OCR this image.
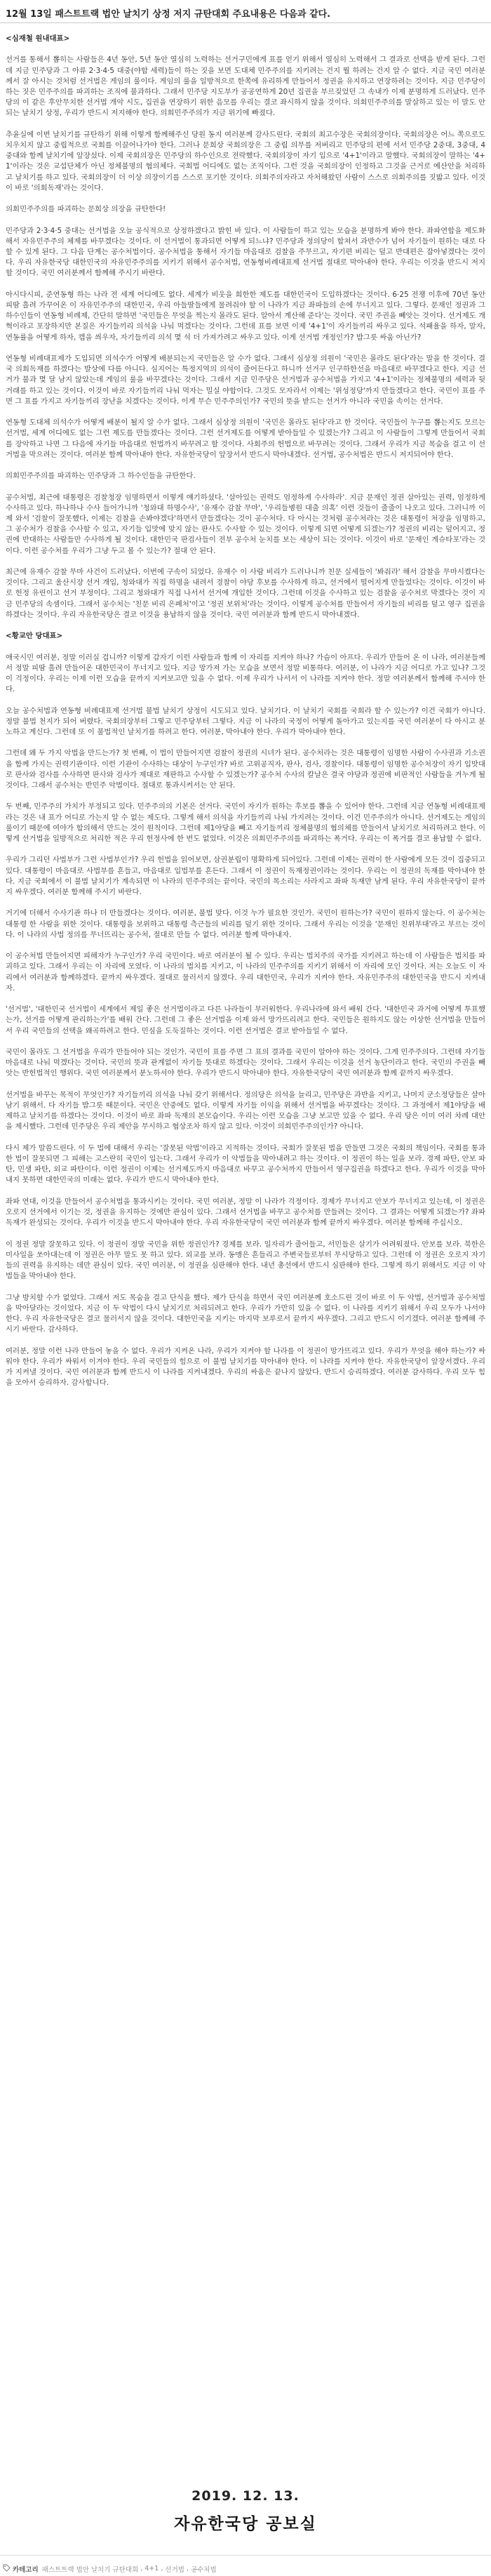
12월 13일 패스트트랙 법안 날치기 상정 저지 규탄대회 주요내용은 다음과 같다.
<심재철 원내대표>

선거를 통해서 뽑히는 사람들은 4년 동안, 5년 동안 열심히 노력하는 선거구민에게 표를 얻기 위해서 열심히 노력해서 그 결과로 선택을 받게 된다. 그런데 지금 민주당과 그 아류 2·3·4·5 대중(야합 세력)들이 하는 짓을 보면 도대체 민주주의를 지키려는 건지 뭘 하려는 건지 알 수 없다. 지금 국민 여러분께서 잘 아시는 것처럼 선거법은 게임의 룰이다. 게임의 룰을 일방적으로 한쪽에 유리하게 만들어서 정권을 유지하고 연장하려는 것이다. 지금 민주당이 하는 짓은 민주주의를 파괴하는 조직에 불과하다. 그래서 민주당 지도부가 공공연하게 20년 집권을 부르짖었던 그 속내가 이제 분명하게 드러났다. 민주당의 이 같은 후안무치한 선거법 개악 시도, 집권을 연장하기 위한 음모를 우리는 결코 좌시하지 않을 것이다. 의회민주주의를 말살하고 있는 이 말도 안 되는 날치기 상정, 우리가 반드시 저지해야 한다. 의회민주주의가 지금 위기에 빠졌다.

추윤실에 이번 날치기를 규탄하기 위해 이렇게 함께해주신 당원 동지 여러분께 감사드린다. 국회의 최고수장은 국회의장이다. 국회의장은 어느 쪽으로도 치우치지 않고 중립적으로 국회를 이끌어나가야 한다. 그러나 문희상 국회의장은 그 중립 의무를 저버리고 민주당의 편에 서서 민주당 2중대, 3중대, 4중대와 함께 날치기에 앞장섰다. 이제 국회의장은 민주당의 하수인으로 전락했다. 국회의장이 자기 입으로 '4+1'이라고 말했다. 국회의장이 말하는 '4+1'이라는 것은 교섭단체가 아닌 정체불명의 협의체다. 국회법 어디에도 없는 조직이다. 그런 것을 국회의장이 인정하고 그것을 근거로 예산안을 처리하고 날치기를 하고 있다. 국회의장이 더 이상 의장이기를 스스로 포기한 것이다. 의회주의자라고 자처해왔던 사람이 스스로 의회주의를 짓밟고 있다. 이것이 바로 '의회독재'라는 것이다.

의회민주주의를 파괴하는 문희상 의장을 규탄한다!

민주당과 2·3·4·5 중대는 선거법을 오늘 공식적으로 상정하겠다고 밝힌 바 있다. 이 사람들이 하고 있는 모습을 분명하게 봐야 한다. 좌파연합을 제도화해서 자유민주주의 체제를 바꾸겠다는 것이다. 이 선거법이 통과되면 어떻게 되느냐? 민주당과 정의당이 합쳐서 과반수가 넘어 자기들이 원하는 대로 다 할 수 있게 된다. 그 다음 단계는 공수처법이다. 공수처법을 통해서 자기들 마음대로 검찰을 주무르고, 자기편 비리는 덮고 반대편은 잡아넣겠다는 것이다. 우리 자유한국당 대한민국의 자유민주주의를 지키기 위해서 공수처법, 연동형비례대표제 선거법 절대로 막아내야 한다. 우리는 이것을 반드시 저지할 것이다. 국민 여러분께서 함께해 주시기 바란다.

아시다시피, 준연동형 하는 나라 전 세계 어디에도 없다. 세계가 비웃을 희한한 제도를 대한민국이 도입하겠다는 것이다. 6·25 전쟁 이후에 70년 동안 피땀 흘려 가꾸어온 이 자유민주주의 대한민국, 우리 아들딸들에게 물려줘야 할 이 나라가 지금 좌파들의 손에 무너지고 있다. 그렇다. 문재인 정권과 그 하수인들이 연동형 비례제, 간단히 말하면 '국민들은 무엇을 찍는지 몰라도 된다. 알아서 계산해 준다'는 것이다. 국민 주권을 빼앗는 것이다. 선거제도 개혁이라고 포장하지만 본질은 자기들끼리 의석을 나눠 먹겠다는 것이다. 그런데 표를 보면 이제 '4+1'이 자기들끼리 싸우고 있다. 석패율을 하자, 말자, 연동률을 어떻게 하자, 캡을 씌우자, 자기들끼리 의석 몇 석 더 가져가려고 싸우고 있다. 이게 선거법 개정인가? 밥그릇 싸움 아닌가?

연동형 비례대표제가 도입되면 의석수가 어떻게 배분되는지 국민들은 알 수가 없다. 그래서 심상정 의원이 '국민은 몰라도 된다'라는 말을 한 것이다. 결국 의회독재를 하겠다는 발상에 다름 아니다. 심지어는 특정지역의 의석이 줄어든다고 하니까 선거구 인구하한선을 마음대로 바꾸겠다고 한다. 지금 선거가 불과 몇 달 남지 않았는데 게임의 룰을 바꾸겠다는 것이다. 그래서 지금 민주당은 선거법과 공수처법을 가지고 '4+1'이라는 정체불명의 세력과 뒷거래를 하고 있는 것이다. 이것이 바로 자기들끼리 나눠 먹자는 밀실 야합이다. 그것도 모자라서 이제는 '위성정당'까지 만들겠다고 한다. 국민이 표를 주면 그 표를 가지고 자기들끼리 장난을 치겠다는 것이다. 이게 무슨 민주주의인가? 국민의 뜻을 받드는 선거가 아니라 국민을 속이는 선거다.

연동형 도대체 의석수가 어떻게 배분이 될지 알 수가 없다. 그래서 심상정 의원이 '국민은 몰라도 된다'라고 한 것이다. 국민들이 누구를 뽑는지도 모르는 선거법, 세계 어디에도 없는 그런 제도를 만들겠다는 것이다. 그런 선거제도를 어떻게 받아들일 수 있겠는가? 그리고 이 사람들이 그렇게 만들어서 국회를 장악하고 나면 그 다음에 자기들 마음대로 헌법까지 바꾸려고 할 것이다. 사회주의 헌법으로 바꾸려는 것이다. 그래서 우리가 지금 목숨을 걸고 이 선거법을 막으려는 것이다. 여러분 함께 막아내야 한다. 자유한국당이 앞장서서 반드시 막아내겠다. 선거법, 공수처법은 반드시 저지되어야 한다.

의회민주주의를 파괴하는 민주당과 그 하수인들을 규탄한다.

공수처법, 최근에 대통령은 검찰청장 임명하면서 이렇게 얘기하셨다. '살아있는 권력도 엄정하게 수사하라'. 지금 문재인 정권 살아있는 권력, 엄정하게 수사하고 있다. 하나하나 수사 들어가니까 '청와대 하명수사', '유재수 감찰 무마', '우리들병원 대출 의혹' 이런 것들이 줄줄이 나오고 있다. 그러니까 이제 와서 '검찰이 잘못했다, 이제는 검찰을 손봐야겠다'하면서 만들겠다는 것이 공수처다. 다 아시는 것처럼 공수처라는 것은 대통령이 처장을 임명하고, 그 공수처가 검찰을 수사할 수 있고, 자기들 입맛에 맞지 않는 판사도 수사할 수 있는 것이다. 이렇게 되면 어떻게 되겠는가? 정권의 비리는 덮어지고, 정권에 반대하는 사람들만 수사하게 될 것이다. 대한민국 판검사들이 전부 공수처 눈치를 보는 세상이 되는 것이다. 이것이 바로 '문재인 게슈타포'라는 것이다. 이런 공수처를 우리가 그냥 두고 볼 수 있는가? 절대 안 된다.

최근에 유재수 감찰 무마 사건이 드러났다. 이번에 구속이 되었다. 유재수 이 사람 비리가 드러나니까 친문 실세들이 '봐줘라' 해서 감찰을 무마시켰다는 것이다. 그리고 울산시장 선거 개입, 청와대가 직접 하명을 내려서 경찰이 야당 후보를 수사하게 하고, 선거에서 떨어지게 만들었다는 것이다. 이것이 바로 헌정 유린이고 선거 부정이다. 그리고 청와대가 직접 나서서 선거에 개입한 것이다. 그런데 이것을 수사하고 있는 검찰을 공수처로 막겠다는 것이 지금 민주당의 속셈이다. 그래서 공수처는 '친문 비리 은폐처'이고 '정권 보위처'라는 것이다. 이렇게 공수처를 만들어서 자기들의 비리를 덮고 영구 집권을 하겠다는 것이다. 우리 자유한국당은 결코 이것을 용납하지 않을 것이다. 국민 여러분과 함께 반드시 막아내겠다.

<황교안 당대표>

애국시민 여러분, 정말 이러실 겁니까? 이렇게 갑자기 이런 사람들과 함께 이 자리를 지켜야 하나? 가슴이 아프다. 우리가 만들어 온 이 나라, 여러분들께서 정말 피땀 흘려 만들어온 대한민국이 무너지고 있다. 지금 망가져 가는 모습을 보면서 정말 비통하다. 여러분, 이 나라가 지금 어디로 가고 있나? 그것이 걱정이다. 우리는 이제 이런 모습을 끝까지 지켜보고만 있을 수 없다. 이제 우리가 나서서 이 나라를 지켜야 한다. 정말 여러분께서 함께해 주셔야 한다.

오늘 공수처법과 연동형 비례대표제 선거법 불법 날치기 상정이 시도되고 있다. 날치기다. 이 날치기 국회를 국회라 할 수 있는가? 이건 국회가 아니다. 정말 불법 천지가 되어 버렸다. 국회의장부터 그렇고 민주당부터 그렇다. 지금 이 나라의 국정이 어떻게 돌아가고 있는지를 국민 여러분이 다 아시고 분노하고 계신다. 그런데 또 이 불법적인 날치기를 하려고 한다. 여러분, 막아내야 한다. 우리가 막아내야 한다.

그런데 왜 두 가지 악법을 만드는가? 첫 번째, 이 법이 만들어지면 검찰이 정권의 시녀가 된다. 공수처라는 것은 대통령이 임명한 사람이 수사권과 기소권을 함께 가지는 권력기관이다. 이런 기관이 수사하는 대상이 누구인가? 바로 고위공직자, 판사, 검사, 경찰이다. 대통령이 임명한 공수처장이 자기 입맛대로 판사와 검사를 수사하면 판사와 검사가 제대로 재판하고 수사할 수 있겠는가? 공수처 수사의 칼날은 결국 야당과 정권에 비판적인 사람들을 겨누게 될 것이다. 그래서 공수처는 반민주 악법이다. 절대로 통과시켜서는 안 된다.

두 번째, 민주주의 가치가 부정되고 있다. 민주주의의 기본은 선거다. 국민이 자기가 원하는 후보를 뽑을 수 있어야 한다. 그런데 지금 연동형 비례대표제라는 것은 내 표가 어디로 가는지 알 수 없는 제도다. 그렇게 해서 의석을 자기들끼리 나눠 가지려는 것이다. 이건 민주주의가 아니다. 선거제도는 게임의 룰이기 때문에 여야가 합의해서 만드는 것이 원칙이다. 그런데 제1야당을 빼고 자기들끼리 정체불명의 협의체를 만들어서 날치기로 처리하려고 한다. 이렇게 선거법을 일방적으로 처리한 적은 우리 헌정사에 한 번도 없었다. 이것은 의회민주주의를 파괴하는 폭거다. 우리는 이 폭거를 결코 용납할 수 없다.

우리가 그리던 사법부가 그런 사법부인가? 우리 헌법을 읽어보면, 삼권분립이 명확하게 되어있다. 그런데 이제는 권력이 한 사람에게 모든 것이 집중되고 있다. 대통령이 마음대로 사법부를 흔들고, 마음대로 입법부를 흔든다. 그래서 이 정권이 독재정권이라는 것이다. 우리는 이 정권의 독재를 막아내야 한다. 지금 국회에서 이 불법 날치기가 계속되면 이 나라의 민주주의는 끝이다. 국민의 목소리는 사라지고 좌파 독재만 남게 된다. 우리 자유한국당이 끝까지 싸우겠다. 여러분 함께해 주시기 바란다.

거기에 더해서 수사기관 하나 더 만들겠다는 것이다. 여러분, 불법 맞다. 이것 누가 필요한 것인가. 국민이 원하는가? 국민이 원하지 않는다. 이 공수처는 대통령 한 사람을 위한 것이다. 대통령을 보위하고 대통령 측근들의 비리를 덮기 위한 것이다. 그래서 우리는 이것을 '문재인 친위부대'라고 부르는 것이다. 이 나라의 사법 정의를 무너뜨리는 공수처, 절대로 만들 수 없다. 여러분 함께 막아내자.

이 공수처법 만들어지면 피해자가 누구인가? 우리 국민이다. 바로 여러분이 될 수 있다. 우리는 법치주의 국가를 지키려고 하는데 이 사람들은 법치를 파괴하고 있다. 그래서 우리는 이 자리에 모였다. 이 나라의 법치를 지키고, 이 나라의 민주주의를 지키기 위해서 이 자리에 모인 것이다. 저는 오늘도 이 자리에서 여러분과 함께하겠다. 끝까지 싸우겠다. 절대로 물러서지 않겠다. 우리 대한민국, 우리가 지켜야 한다. 자유민주주의 대한민국을 반드시 지켜내자.

'선거법', '대한민국 선거법이 세계에서 제일 좋은 선거법이라고 다른 나라들이 부러워한다. 우리나라에 와서 배워 간다. '대한민국 과거에 어떻게 투표했는가, 선거를 어떻게 관리하는가'를 배워 간다. 그런데 그 좋은 선거법을 이제 와서 망가뜨리려고 한다. 국민들은 원하지도 않는 이상한 선거법을 만들어서 우리 국민들의 선택을 왜곡하려고 한다. 민심을 도둑질하는 것이다. 이런 선거법은 결코 받아들일 수 없다.

국민이 몰라도 그 선거법을 우리가 만들어야 되는 것인가. 국민이 표를 주면 그 표의 결과를 국민이 알아야 하는 것이다. 그게 민주주의다. 그런데 자기들 마음대로 나눠 먹겠다는 것이다. 국민의 뜻과 관계없이 자기들 뜻대로 하겠다는 것이다. 그래서 우리는 이것을 선거 농단이라고 한다. 국민의 주권을 빼앗는 반헌법적인 행위다. 국민 여러분께서 분노하셔야 한다. 우리가 반드시 막아내야 한다. 자유한국당이 국민 여러분과 함께 끝까지 싸우겠다.

선거법을 바꾸는 목적이 무엇인가? 자기들끼리 의석을 나눠 갖기 위해서다. 정의당은 의석을 늘리고, 민주당은 과반을 지키고, 나머지 군소정당들은 살아남기 위해서. 다 자기들 밥그릇 때문이다. 국민은 안중에도 없다. 이렇게 자기들 이익을 위해서 선거법을 바꾸겠다는 것이다. 그 과정에서 제1야당을 배제하고 날치기를 하겠다는 것이다. 이것이 바로 좌파 독재의 본모습이다. 우리는 이런 모습을 그냥 보고만 있을 수 없다. 우리 당은 이미 여러 차례 대안을 제시했다. 그런데 민주당은 우리 제안을 무시하고 협상조차 하지 않고 있다. 이것이 의회민주주의인가? 아니다.

다시 제가 말씀드린다. 이 두 법에 대해서 우리는 '잘못된 악법'이라고 지적하는 것이다. 국회가 잘못된 법을 만들면 그것은 국회의 책임이다. 국회를 통과한 법이 잘못되면 그 피해는 고스란히 국민이 입는다. 그래서 우리가 이 악법들을 막아내려고 하는 것이다. 이 정권이 하는 일을 보라. 경제 파탄, 안보 파탄, 민생 파탄, 외교 파탄이다. 이런 정권이 이제는 선거제도까지 마음대로 바꾸고 공수처까지 만들어서 영구집권을 하겠다고 한다. 우리가 이것을 막아내지 못하면 대한민국의 미래는 없다. 우리가 반드시 막아내야 한다.

좌파 연대, 이것을 만들어서 공수처법을 통과시키는 것이다. 국민 여러분, 정말 이 나라가 걱정이다. 경제가 무너지고 안보가 무너지고 있는데, 이 정권은 오로지 선거에서 이기는 것, 정권을 유지하는 것에만 관심이 있다. 그래서 선거법을 바꾸고 공수처를 만들려는 것이다. 그 결과는 어떻게 되겠는가? 좌파 독재가 완성되는 것이다. 우리가 이것을 반드시 막아내야 한다. 우리 자유한국당이 국민 여러분과 함께 끝까지 싸우겠다. 여러분 함께해 주십시오.

이 정권 정말 잘못하고 있다. 이 정권이 정말 국민을 위한 정권인가? 경제를 보라. 일자리가 줄어들고, 서민들은 살기가 어려워졌다. 안보를 보라. 북한은 미사일을 쏘아대는데 이 정권은 아무 말도 못 하고 있다. 외교를 보라. 동맹은 흔들리고 주변국들로부터 무시당하고 있다. 그런데 이 정권은 오로지 자기들의 권력을 유지하는 데만 관심이 있다. 국민 여러분, 이 정권을 심판해야 한다. 내년 총선에서 반드시 심판해야 한다. 그렇게 하기 위해서도 지금 이 악법들을 막아내야 한다.

그냥 방치할 수가 없었다. 그래서 저도 목숨을 걸고 단식을 했다. 제가 단식을 하면서 국민 여러분께 호소드린 것이 바로 이 두 악법, 선거법과 공수처법을 막아달라는 것이었다. 지금 이 두 악법이 다시 날치기로 처리되려고 한다. 우리가 가만히 있을 수 없다. 이 나라를 지키기 위해서 우리 모두가 나서야 한다. 우리 자유한국당은 결코 물러서지 않을 것이다. 대한민국을 지키는 마지막 보루로서 끝까지 싸우겠다. 그리고 반드시 이기겠다. 여러분 함께해 주시기 바란다. 감사하다.

여러분, 정말 이런 나라 만들어 놓을 수 없다. 우리가 지켜온 나라, 우리가 지켜야 할 나라를 이 정권이 망가뜨리고 있다. 우리가 무엇을 해야 하는가? 싸워야 한다. 우리가 싸워서 이겨야 한다. 우리 국민들의 힘으로 이 불법 날치기를 막아내야 한다. 이 나라를 지켜야 한다. 자유한국당이 앞장서겠다. 우리가 지켜낼 것이다. 국민 여러분과 함께 반드시 이 나라를 지켜내겠다. 우리의 싸움은 끝나지 않았다. 반드시 승리하겠다. 여러분 감사하다. 우리 모두 힘을 모아서 승리하자. 감사합니다.

2019. 12. 13.
자유한국당 공보실
카테고리 패스트트랙 법안 날치기 규탄대회 , 4+1 , 선거법 , 공수처법
